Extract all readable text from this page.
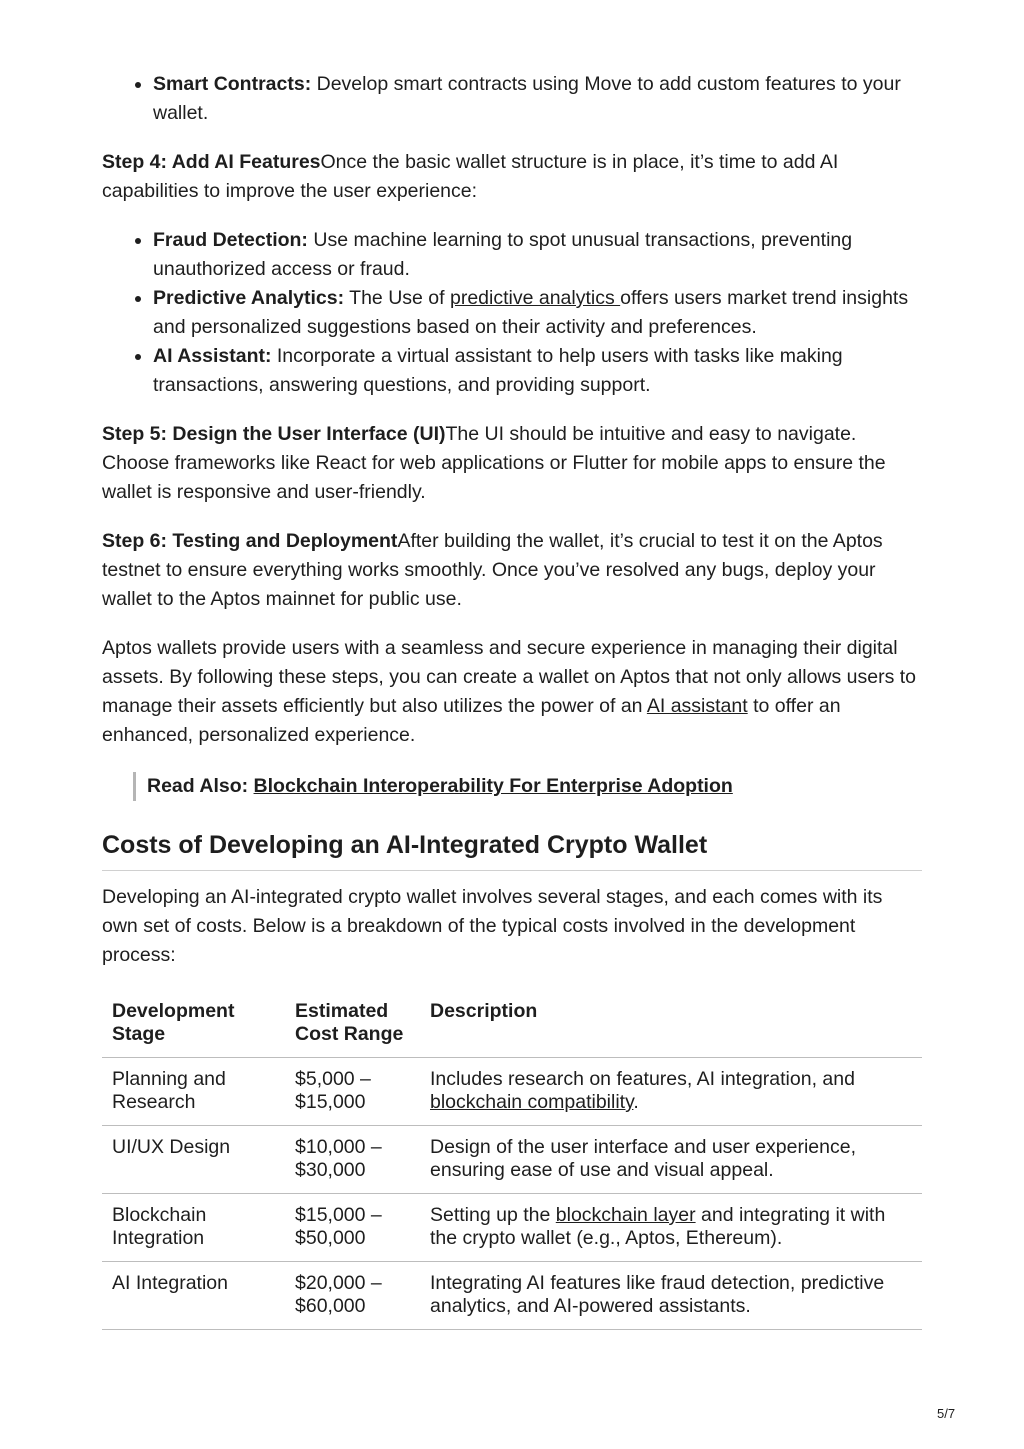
• Smart Contracts: Develop smart contracts using Move to add custom features to your wallet.

Step 4: Add AI FeaturesOnce the basic wallet structure is in place, it’s time to add AI capabilities to improve the user experience:

• Fraud Detection: Use machine learning to spot unusual transactions, preventing unauthorized access or fraud.
• Predictive Analytics: The Use of predictive analytics offers users market trend insights and personalized suggestions based on their activity and preferences.
• AI Assistant: Incorporate a virtual assistant to help users with tasks like making transactions, answering questions, and providing support.

Step 5: Design the User Interface (UI)The UI should be intuitive and easy to navigate. Choose frameworks like React for web applications or Flutter for mobile apps to ensure the wallet is responsive and user-friendly.

Step 6: Testing and DeploymentAfter building the wallet, it’s crucial to test it on the Aptos testnet to ensure everything works smoothly. Once you’ve resolved any bugs, deploy your wallet to the Aptos mainnet for public use.

Aptos wallets provide users with a seamless and secure experience in managing their digital assets. By following these steps, you can create a wallet on Aptos that not only allows users to manage their assets efficiently but also utilizes the power of an AI assistant to offer an enhanced, personalized experience.

Read Also: Blockchain Interoperability For Enterprise Adoption
Costs of Developing an AI-Integrated Crypto Wallet

Developing an AI-integrated crypto wallet involves several stages, and each comes with its own set of costs. Below is a breakdown of the typical costs involved in the development process:

Development Stage	Estimated Cost Range	Description
Planning and Research	$5,000 – $15,000	Includes research on features, AI integration, and blockchain compatibility.
UI/UX Design	$10,000 – $30,000	Design of the user interface and user experience, ensuring ease of use and visual appeal.
Blockchain Integration	$15,000 – $50,000	Setting up the blockchain layer and integrating it with the crypto wallet (e.g., Aptos, Ethereum).
AI Integration	$20,000 – $60,000	Integrating AI features like fraud detection, predictive analytics, and AI-powered assistants.
5/7
